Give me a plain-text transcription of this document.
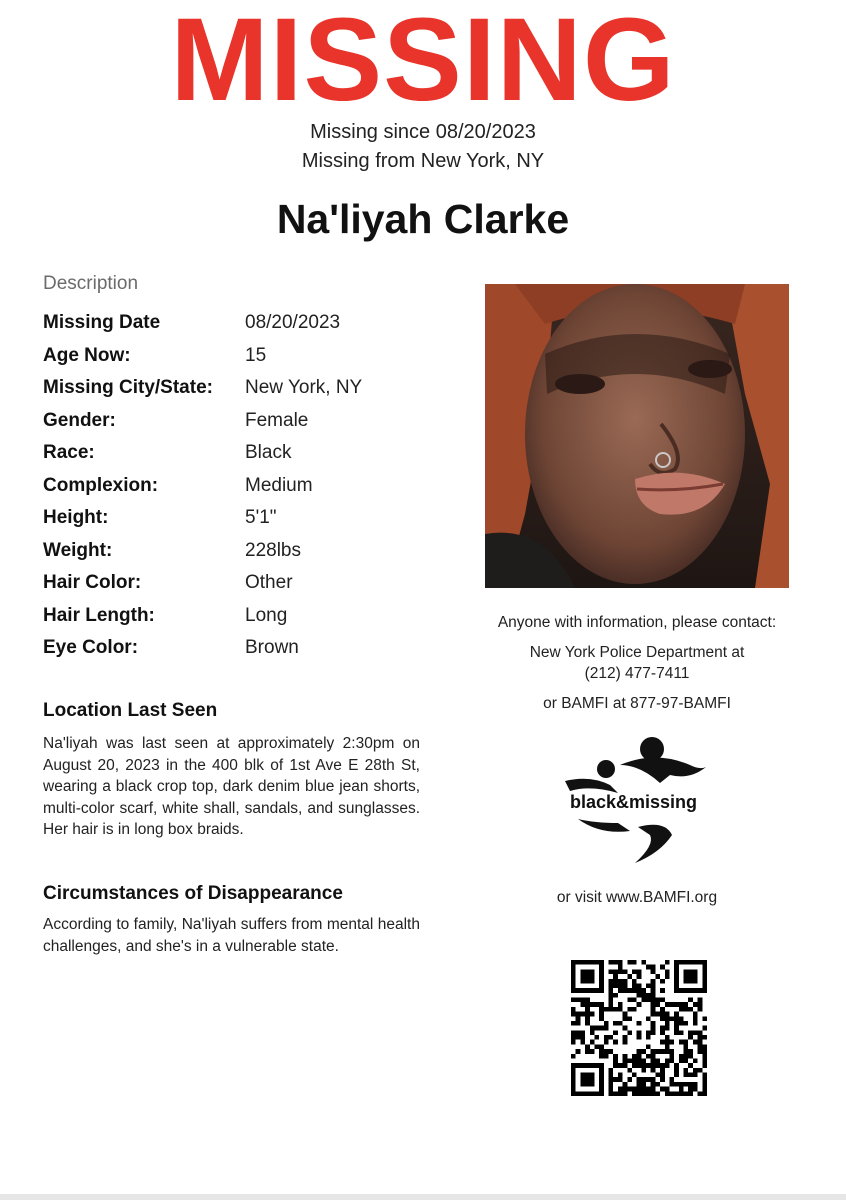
MISSING
Missing since 08/20/2023
Missing from New York, NY
Na'liyah Clarke
Description
Missing Date	08/20/2023
Age Now:	15
Missing City/State: New York, NY
Gender:	Female
Race:	Black
Complexion:	Medium
Height:	5'1"
Weight:	228lbs
Hair Color:	Other
Hair Length:	Long
Eye Color:	Brown
Location Last Seen
Na'liyah was last seen at approximately 2:30pm on August 20, 2023 in the 400 blk of 1st Ave E 28th St, wearing a black crop top, dark denim blue jean shorts, multi-color scarf, white shall, sandals, and sunglasses. Her hair is in long box braids.
Circumstances of Disappearance
According to family, Na'liyah suffers from mental health challenges, and she's in a vulnerable state.
Anyone with information, please contact:
New York Police Department at
(212) 477-7411
or BAMFI at 877-97-BAMFI
black&missing
or visit www.BAMFI.org
